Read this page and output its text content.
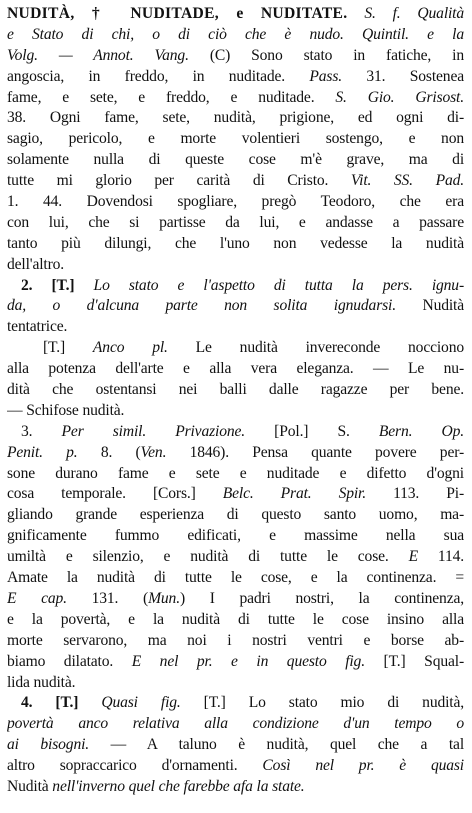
NUDITÀ, † NUDITADE, e NUDITATE. S. f. Qualità
e Stato di chi, o di ciò che è nudo. Quintil. e la
Volg. — Annot. Vang. (C) Sono stato in fatiche, in
angoscia, in freddo, in nuditade. Pass. 31. Sostenea
fame, e sete, e freddo, e nuditade. S. Gio. Grisost.
38. Ogni fame, sete, nudità, prigione, ed ogni di-
sagio, pericolo, e morte volentieri sostengo, e non
solamente nulla di queste cose m'è grave, ma di
tutte mi glorio per carità di Cristo. Vit. SS. Pad.
1. 44. Dovendosi spogliare, pregò Teodoro, che era
con lui, che si partisse da lui, e andasse a passare
tanto più dilungi, che l'uno non vedesse la nudità
dell'altro.
2. [T.] Lo stato e l'aspetto di tutta la pers. ignu-
da, o d'alcuna parte non solita ignudarsi. Nudità
tentatrice.
[T.] Anco pl. Le nudità invereconde nocciono
alla potenza dell'arte e alla vera eleganza. — Le nu-
dità che ostentansi nei balli dalle ragazze per bene.
— Schifose nudità.
3. Per simil. Privazione. [Pol.] S. Bern. Op.
Penit. p. 8. (Ven. 1846). Pensa quante povere per-
sone durano fame e sete e nuditade e difetto d'ogni
cosa temporale. [Cors.] Belc. Prat. Spir. 113. Pi-
gliando grande esperienza di questo santo uomo, ma-
gnificamente fummo edificati, e massime nella sua
umiltà e silenzio, e nudità di tutte le cose. E 114.
Amate la nudità di tutte le cose, e la continenza. =
E cap. 131. (Mun.) I padri nostri, la continenza,
e la povertà, e la nudità di tutte le cose insino alla
morte servarono, ma noi i nostri ventri e borse ab-
biamo dilatato. E nel pr. e in questo fig. [T.] Squal-
lida nudità.
4. [T.] Quasi fig. [T.] Lo stato mio di nudità,
povertà anco relativa alla condizione d'un tempo o
ai bisogni. — A taluno è nudità, quel che a tal
altro sopraccarico d'ornamenti. Così nel pr. è quasi
Nudità nell'inverno quel che farebbe afa la state.
